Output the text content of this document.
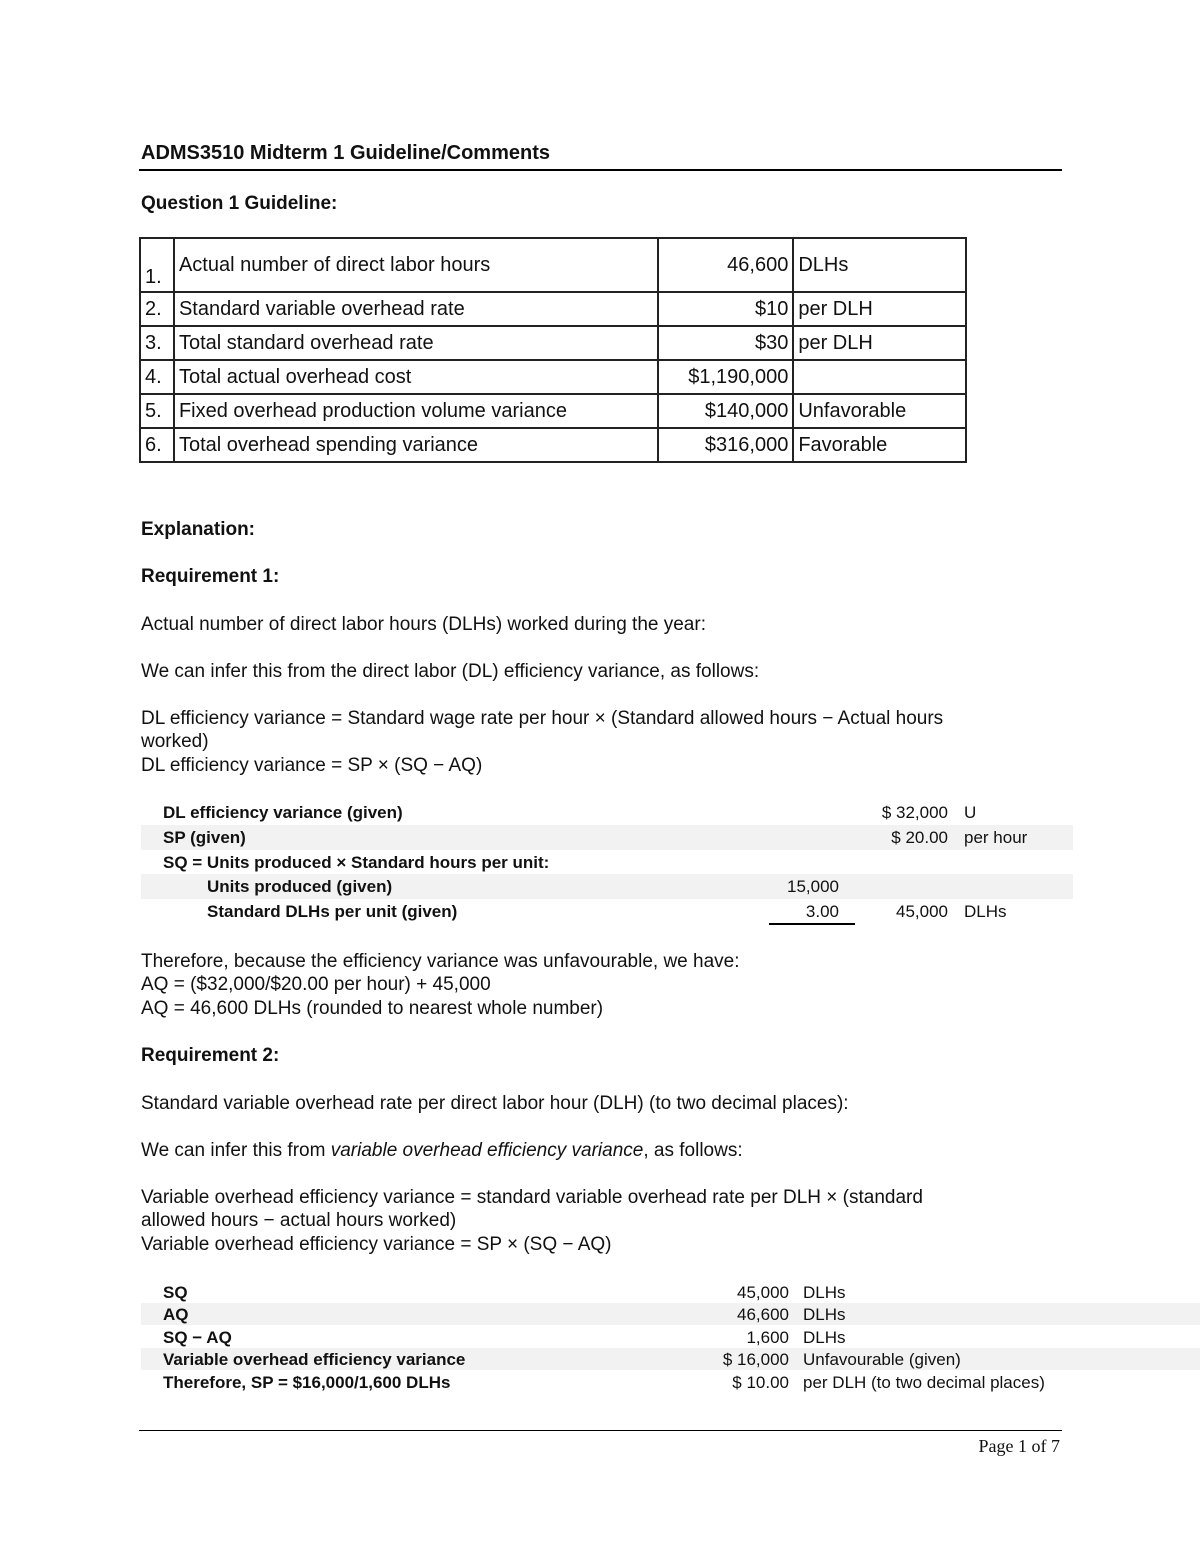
ADMS3510 Midterm 1 Guideline/Comments
Question 1 Guideline:
1.	Actual number of direct labor hours	46,600	DLHs
2.	Standard variable overhead rate	$10	per DLH
3.	Total standard overhead rate	$30	per DLH
4.	Total actual overhead cost	$1,190,000	
5.	Fixed overhead production volume variance	$140,000	Unfavorable
6.	Total overhead spending variance	$316,000	Favorable
Explanation:
Requirement 1:
Actual number of direct labor hours (DLHs) worked during the year:
We can infer this from the direct labor (DL) efficiency variance, as follows:
DL efficiency variance = Standard wage rate per hour × (Standard allowed hours − Actual hours
worked)
DL efficiency variance = SP × (SQ − AQ)
DL efficiency variance (given)	$ 32,000 U
SP (given)	$ 20.00 per hour
SQ = Units produced × Standard hours per unit:
Units produced (given)	15,000
Standard DLHs per unit (given)	3.00	45,000 DLHs
Therefore, because the efficiency variance was unfavourable, we have:
AQ = ($32,000/$20.00 per hour) + 45,000
AQ = 46,600 DLHs (rounded to nearest whole number)
Requirement 2:
Standard variable overhead rate per direct labor hour (DLH) (to two decimal places):
We can infer this from variable overhead efficiency variance, as follows:
Variable overhead efficiency variance = standard variable overhead rate per DLH × (standard
allowed hours − actual hours worked)
Variable overhead efficiency variance = SP × (SQ − AQ)
SQ	45,000 DLHs
AQ	46,600 DLHs
SQ − AQ	1,600 DLHs
Variable overhead efficiency variance	$ 16,000 Unfavourable (given)
Therefore, SP = $16,000/1,600 DLHs	$ 10.00 per DLH (to two decimal places)
Page 1 of 7
